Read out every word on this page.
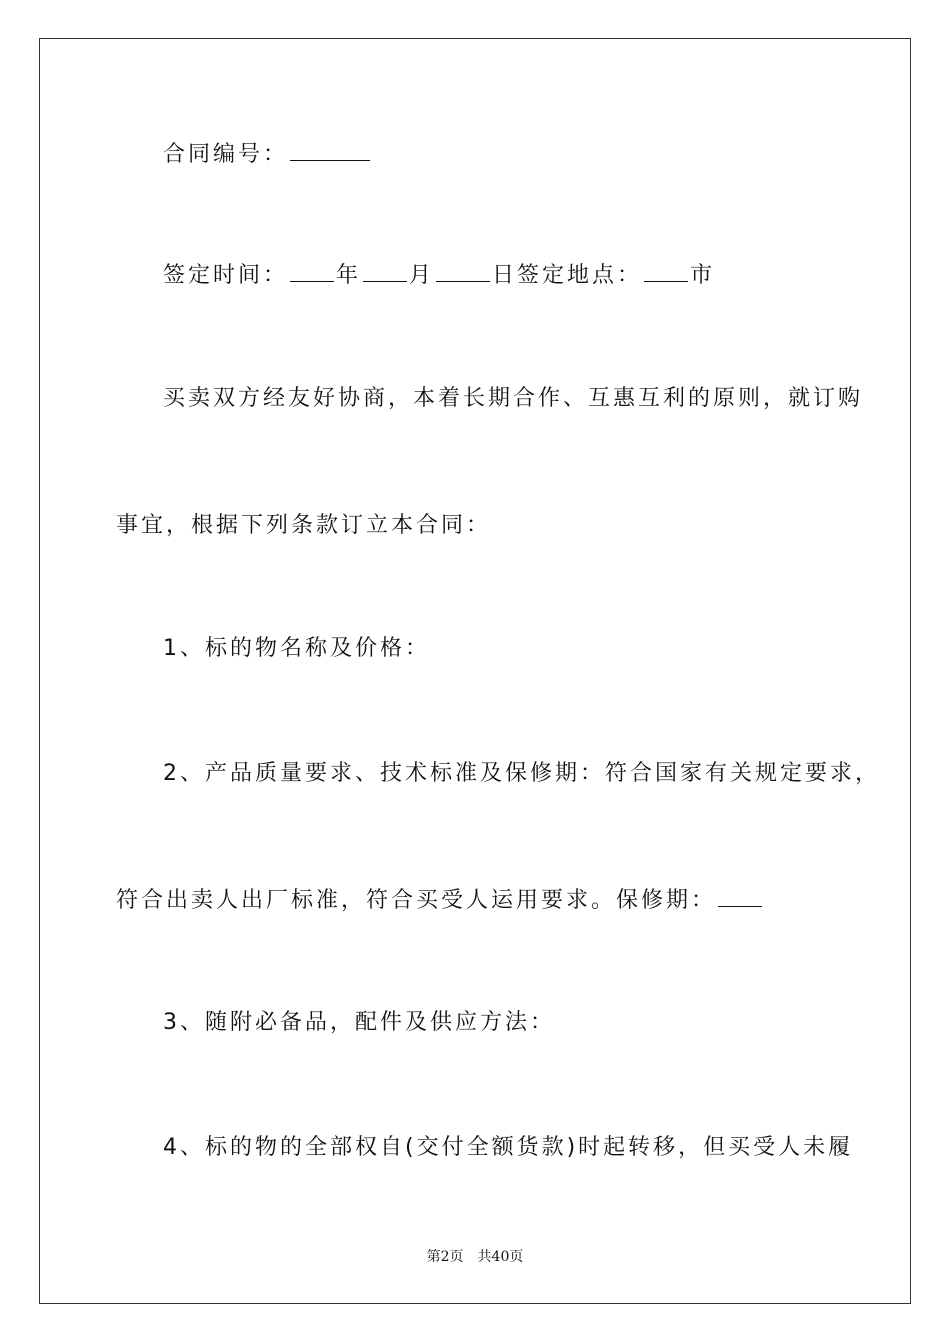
合同编号：
签定时间： 年 月	日签定地点： 市
买卖双方经友好协商，本着长期合作、互惠互利的原则，就订购
事宜，根据下列条款订立本合同：
1、标的物名称及价格：
2、产品质量要求、技术标准及保修期：符合国家有关规定要求，
符合出卖人出厂标准，符合买受人运用要求。保修期：
3、随附必备品，配件及供应方法：
4、标的物的全部权自(交付全额货款)时起转移，但买受人未履
第2页 共40页
